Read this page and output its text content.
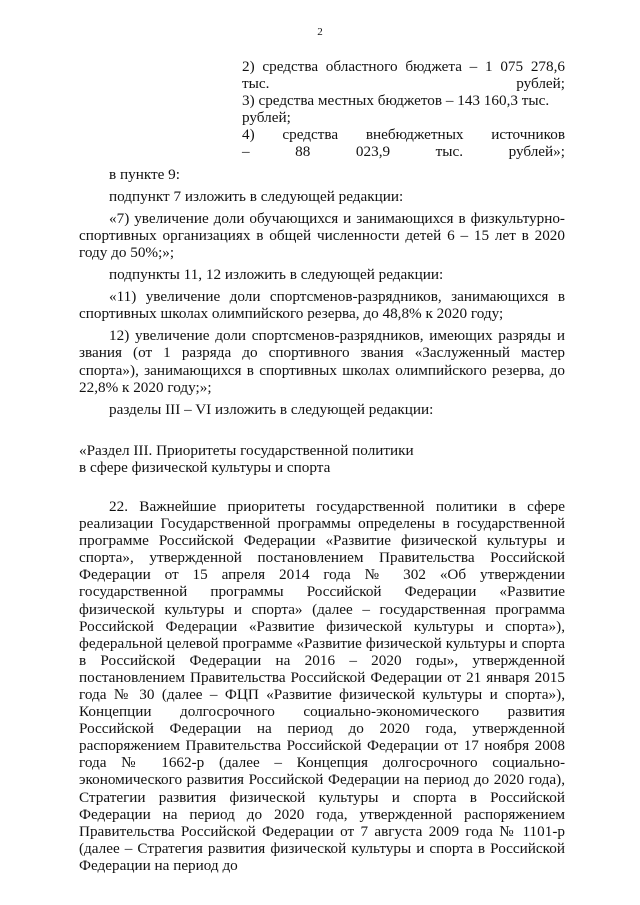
2

2) средства областного бюджета – 1 075 278,6
тыс. рублей;

3) средства местных бюджетов – 143 160,3 тыс.
рублей;

4) средства внебюджетных источников
– 88 023,9 тыс. рублей»;

в пункте 9:

подпункт 7 изложить в следующей редакции:

«7) увеличение доли обучающихся и занимающихся в физкультурно-спортивных организациях в общей численности детей 6 – 15 лет в 2020 году до 50%;»;

подпункты 11, 12 изложить в следующей редакции:

«11) увеличение доли спортсменов-разрядников, занимающихся в спортивных школах олимпийского резерва, до 48,8% к 2020 году;

12) увеличение доли спортсменов-разрядников, имеющих разряды и звания (от 1 разряда до спортивного звания «Заслуженный мастер спорта»), занимающихся в спортивных школах олимпийского резерва, до 22,8% к 2020 году;»;

разделы III – VI изложить в следующей редакции:

«Раздел III. Приоритеты государственной политики
в сфере физической культуры и спорта

22. Важнейшие приоритеты государственной политики в сфере реализации Государственной программы определены в государственной программе Российской Федерации «Развитие физической культуры и спорта», утвержденной постановлением Правительства Российской Федерации от 15 апреля 2014 года № 302 «Об утверждении государственной программы Российской Федерации «Развитие физической культуры и спорта» (далее – государственная программа Российской Федерации «Развитие физической культуры и спорта»), федеральной целевой программе «Развитие физической культуры и спорта в Российской Федерации на 2016 – 2020 годы», утвержденной постановлением Правительства Российской Федерации от 21 января 2015 года № 30 (далее – ФЦП «Развитие физической культуры и спорта»), Концепции долгосрочного социально-экономического развития Российской Федерации на период до 2020 года, утвержденной распоряжением Правительства Российской Федерации от 17 ноября 2008 года № 1662-р (далее – Концепция долгосрочного социально-экономического развития Российской Федерации на период до 2020 года), Стратегии развития физической культуры и спорта в Российской Федерации на период до 2020 года, утвержденной распоряжением Правительства Российской Федерации от 7 августа 2009 года № 1101-р (далее – Стратегия развития физической культуры и спорта в Российской Федерации на период до
